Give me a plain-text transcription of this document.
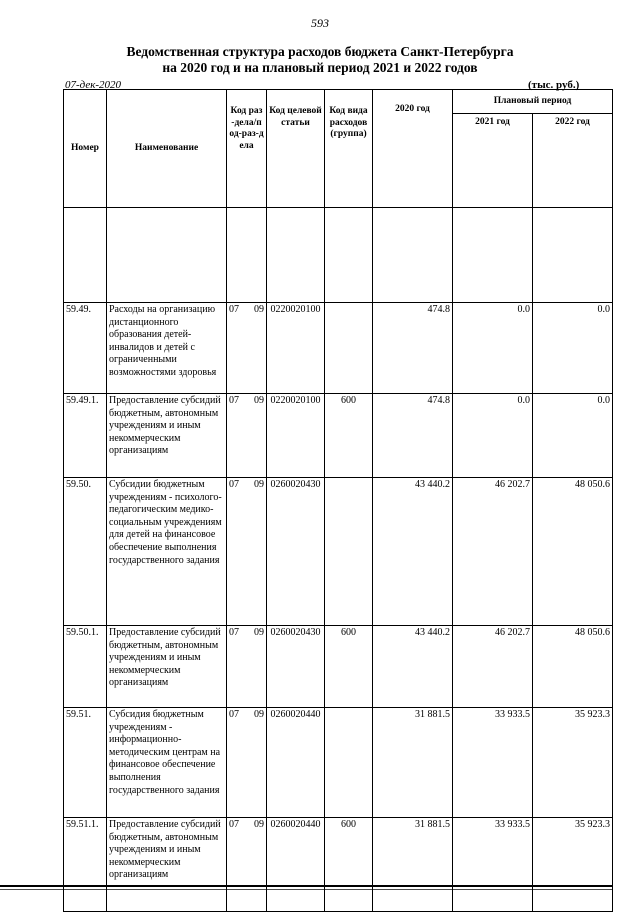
593
Ведомственная структура расходов бюджета Санкт-Петербурга
на 2020 год и на плановый период 2021 и 2022 годов
07-дек-2020	(тыс. руб.)
Номер	Наименование	Код раз-дела/под-раз-дела	Код целевой статьи	Код вида расходов (группа)	2020 год	Плановый период	
						2021 год	2022 год

59.49.	Расходы на организацию дистанционного образования детей-инвалидов и детей с ограниченными возможностями здоровья	07 09	0220020100		474.8	0.0	0.0
59.49.1.	Предоставление субсидий бюджетным, автономным учреждениям и иным некоммерческим организациям	07 09	0220020100	600	474.8	0.0	0.0
59.50.	Субсидии бюджетным учреждениям - психолого-педагогическим медико-социальным учреждениям для детей на финансовое обеспечение выполнения государственного задания	07 09	0260020430		43 440.2	46 202.7	48 050.6
59.50.1.	Предоставление субсидий бюджетным, автономным учреждениям и иным некоммерческим организациям	07 09	0260020430	600	43 440.2	46 202.7	48 050.6
59.51.	Субсидия бюджетным учреждениям - информационно-методическим центрам на финансовое обеспечение выполнения государственного задания	07 09	0260020440		31 881.5	33 933.5	35 923.3
59.51.1.	Предоставление субсидий бюджетным, автономным учреждениям и иным некоммерческим организациям	07 09	0260020440	600	31 881.5	33 933.5	35 923.3
